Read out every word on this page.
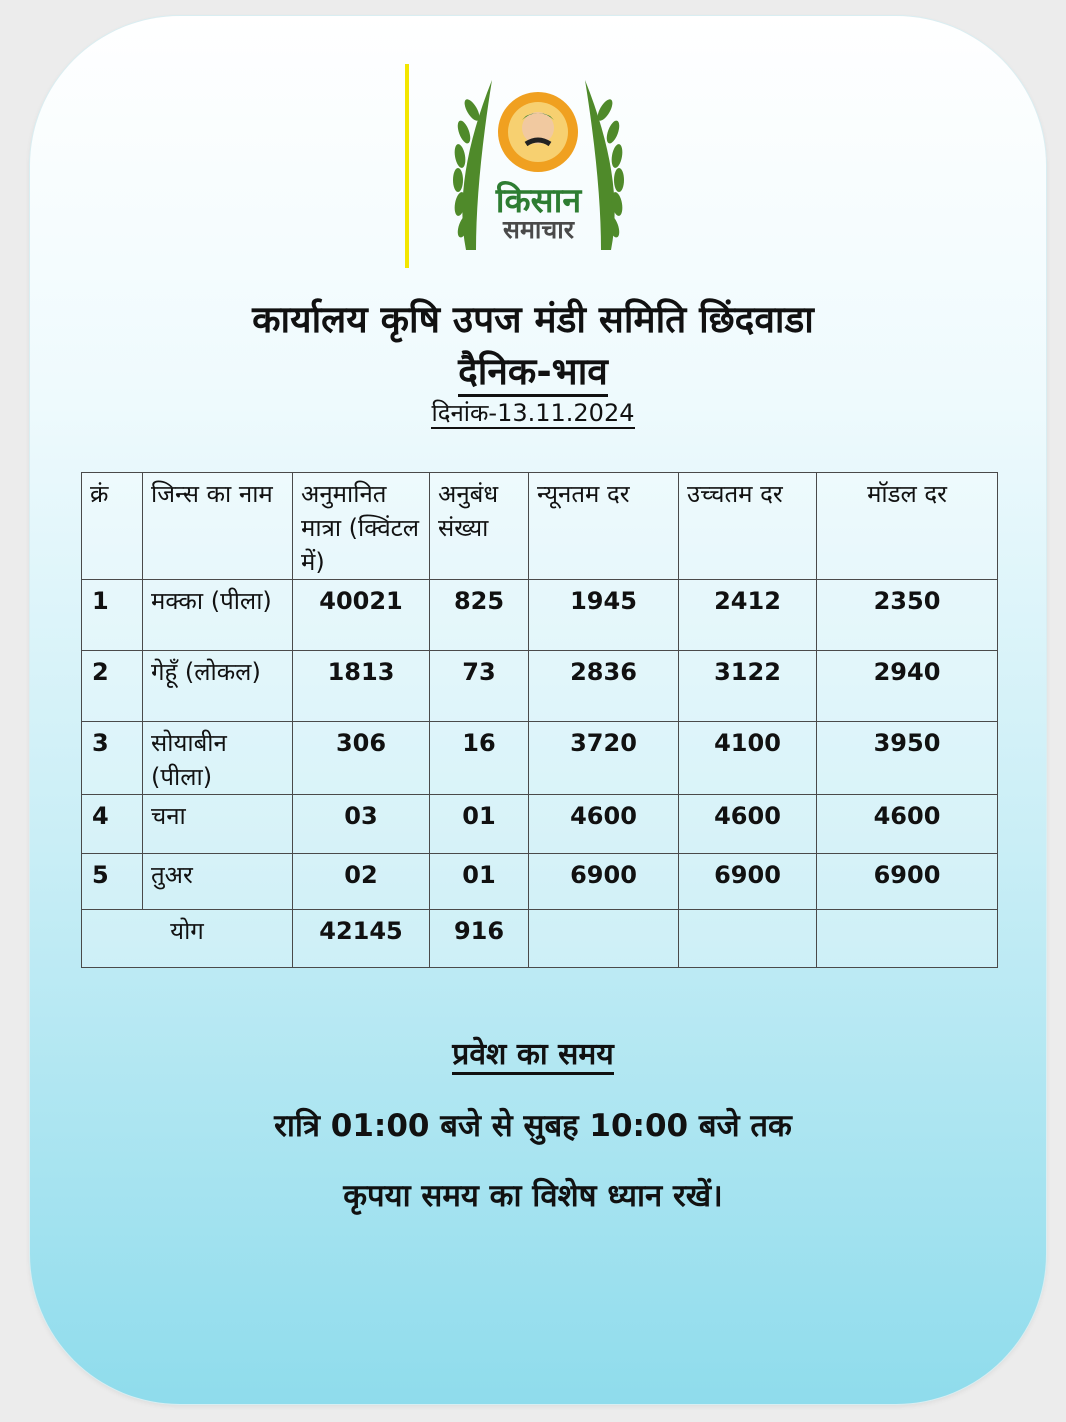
किसान
समाचार
कार्यालय कृषि उपज मंडी समिति छिंदवाडा
दैनिक-भाव
दिनांक-13.11.2024
क्रं	जिन्स का नाम	अनुमानित मात्रा (क्विंटल में)	अनुबंध संख्या	न्यूनतम दर	उच्चतम दर	मॉडल दर
1	मक्का (पीला)	40021	825	1945	2412	2350
2	गेहूँ (लोकल)	1813	73	2836	3122	2940
3	सोयाबीन (पीला)	306	16	3720	4100	3950
4	चना	03	01	4600	4600	4600
5	तुअर	02	01	6900	6900	6900
योग		42145	916			
प्रवेश का समय
रात्रि 01:00 बजे से सुबह 10:00 बजे तक
कृपया समय का विशेष ध्यान रखें।
